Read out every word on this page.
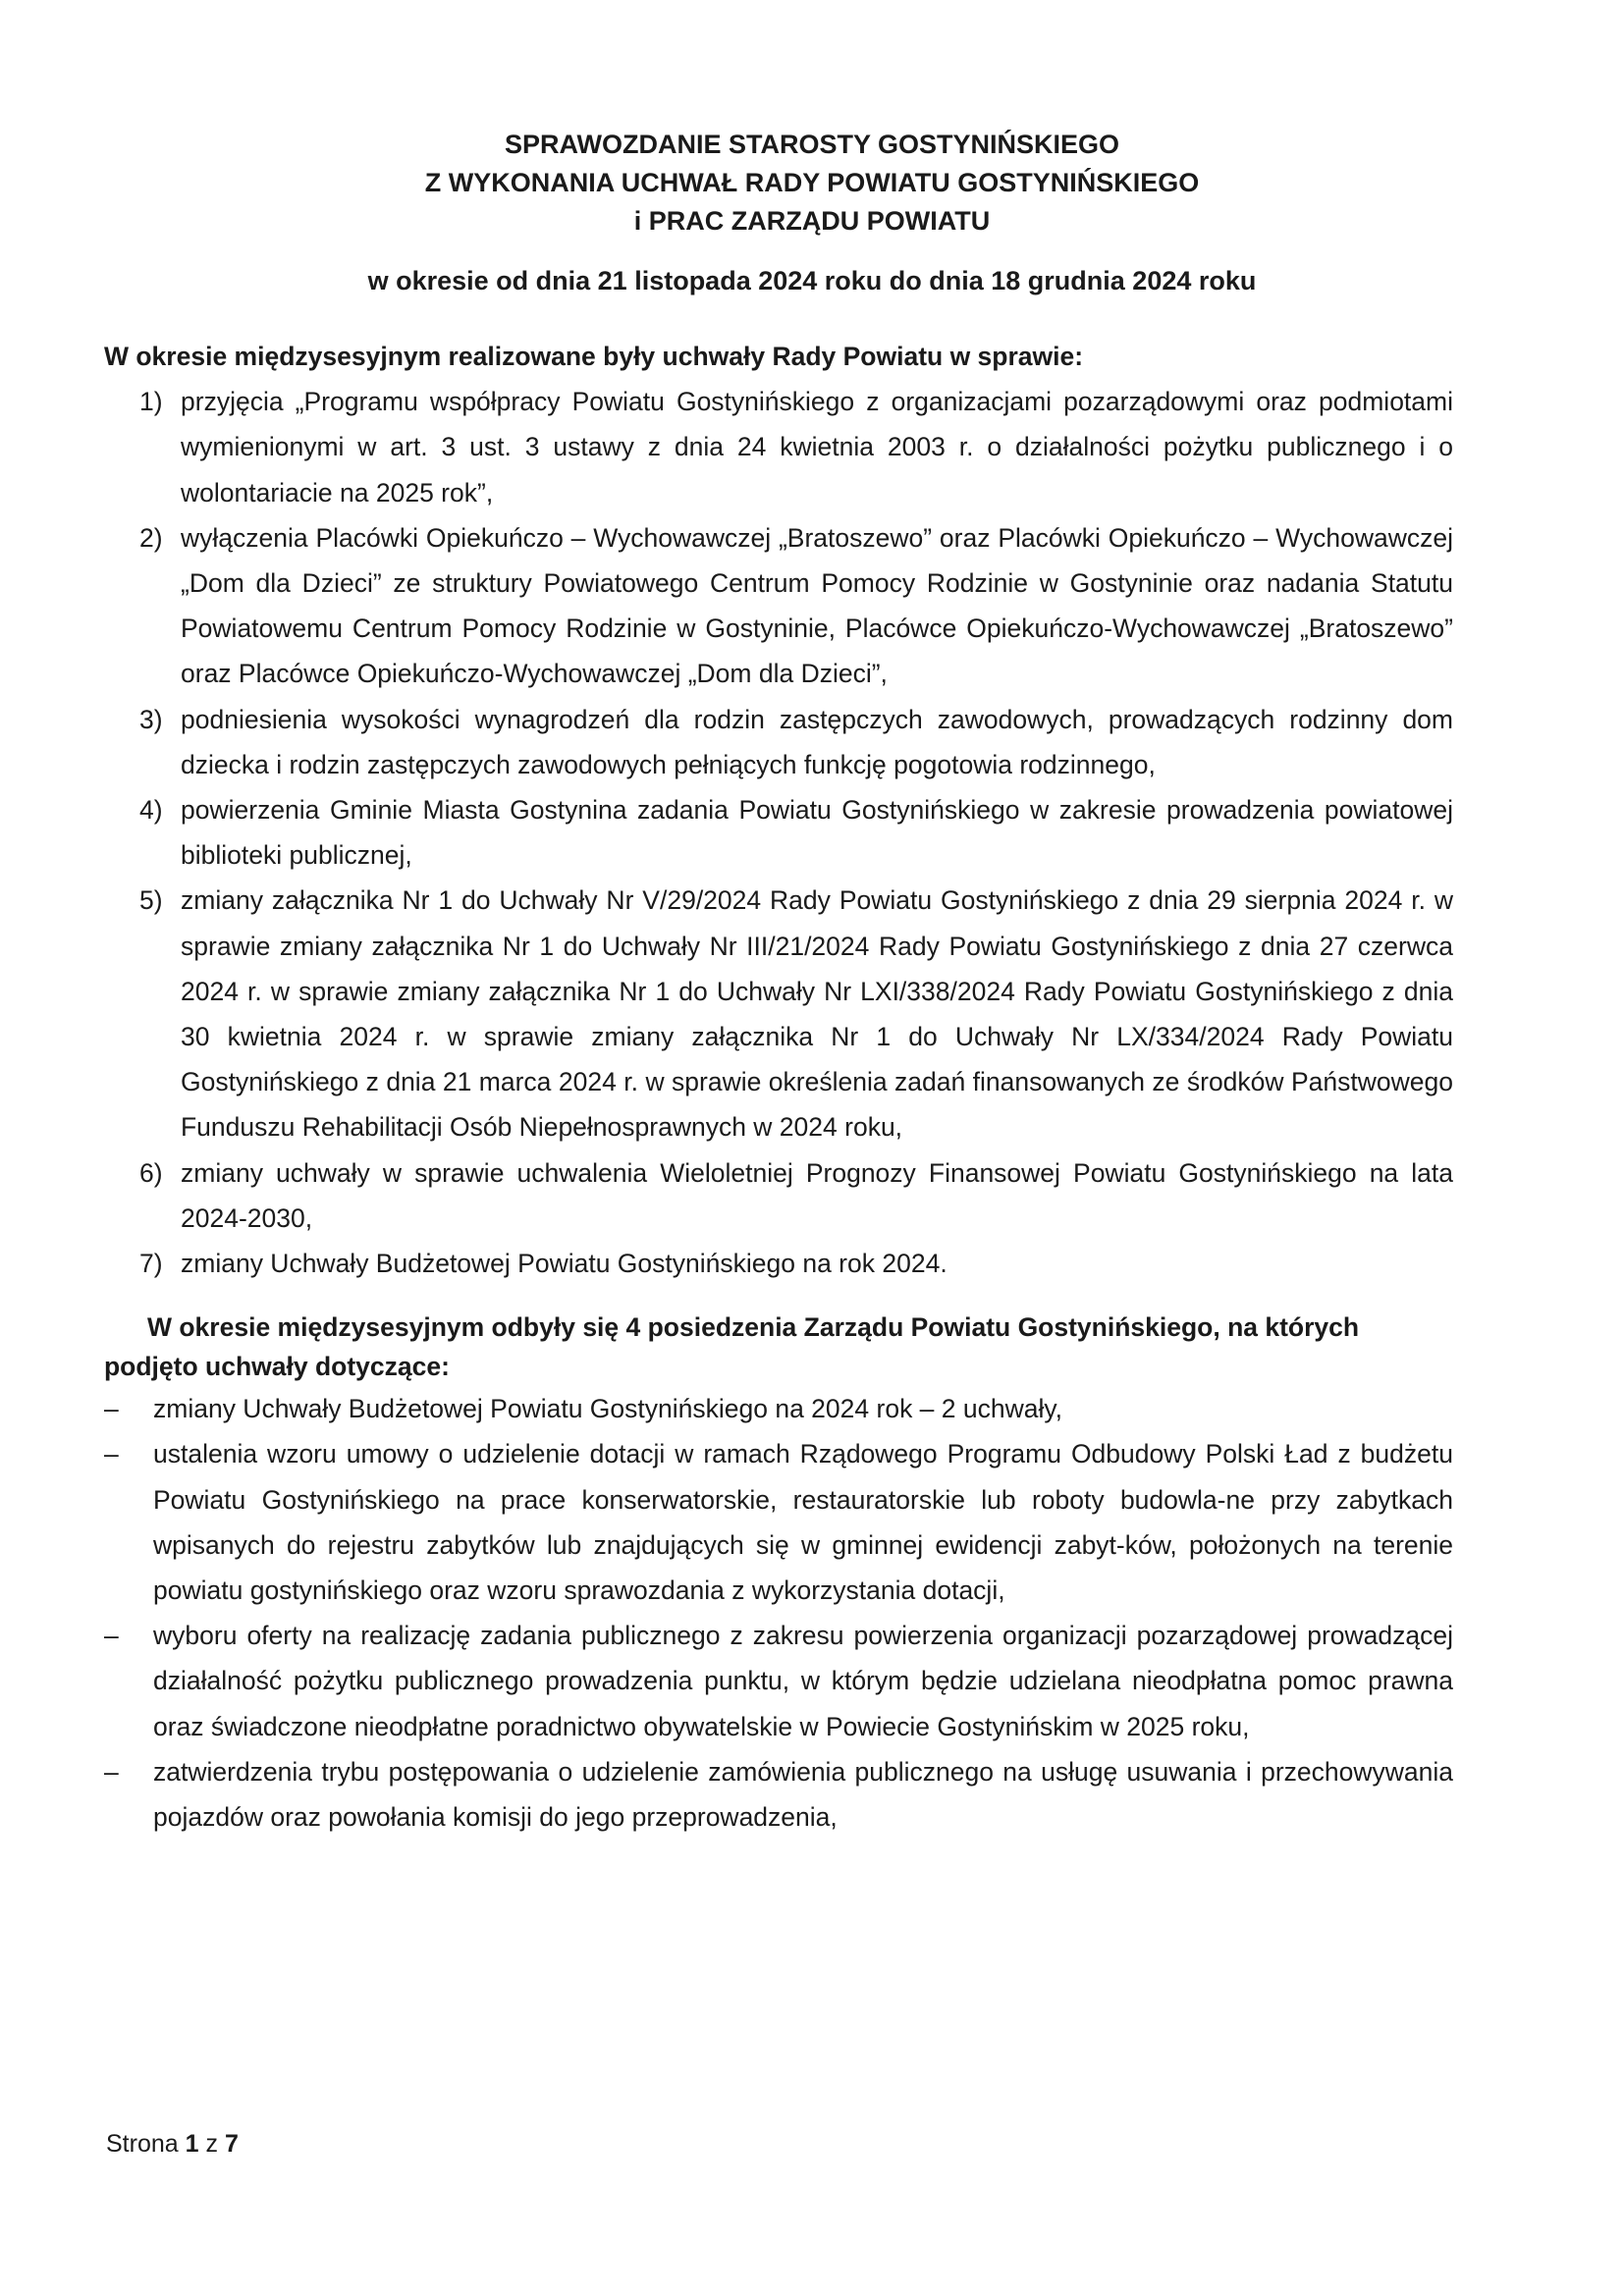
SPRAWOZDANIE STAROSTY GOSTYNIŃSKIEGO
Z WYKONANIA UCHWAŁ RADY POWIATU GOSTYNIŃSKIEGO
i PRAC ZARZĄDU POWIATU
w okresie od dnia 21 listopada 2024 roku do dnia 18 grudnia 2024 roku

W okresie międzysesyjnym realizowane były uchwały Rady Powiatu w sprawie:

1) przyjęcia „Programu współpracy Powiatu Gostynińskiego z organizacjami pozarządowymi oraz podmiotami wymienionymi w art. 3 ust. 3 ustawy z dnia 24 kwietnia 2003 r. o działalności pożytku publicznego i o wolontariacie na 2025 rok”,
2) wyłączenia Placówki Opiekuńczo – Wychowawczej „Bratoszewo” oraz Placówki Opiekuńczo – Wychowawczej „Dom dla Dzieci” ze struktury Powiatowego Centrum Pomocy Rodzinie w Gostyninie oraz nadania Statutu Powiatowemu Centrum Pomocy Rodzinie w Gostyninie, Placówce Opiekuńczo-Wychowawczej „Bratoszewo” oraz Placówce Opiekuńczo-Wychowawczej „Dom dla Dzieci”,
3) podniesienia wysokości wynagrodzeń dla rodzin zastępczych zawodowych, prowadzących rodzinny dom dziecka i rodzin zastępczych zawodowych pełniących funkcję pogotowia rodzinnego,
4) powierzenia Gminie Miasta Gostynina zadania Powiatu Gostynińskiego w zakresie prowadzenia powiatowej biblioteki publicznej,
5) zmiany załącznika Nr 1 do Uchwały Nr V/29/2024 Rady Powiatu Gostynińskiego z dnia 29 sierpnia 2024 r. w sprawie zmiany załącznika Nr 1 do Uchwały Nr III/21/2024 Rady Powiatu Gostynińskiego z dnia 27 czerwca 2024 r. w sprawie zmiany załącznika Nr 1 do Uchwały Nr LXI/338/2024 Rady Powiatu Gostynińskiego z dnia 30 kwietnia 2024 r. w sprawie zmiany załącznika Nr 1 do Uchwały Nr LX/334/2024 Rady Powiatu Gostynińskiego z dnia 21 marca 2024 r. w sprawie określenia zadań finansowanych ze środków Państwowego Funduszu Rehabilitacji Osób Niepełnosprawnych w 2024 roku,
6) zmiany uchwały w sprawie uchwalenia Wieloletniej Prognozy Finansowej Powiatu Gostynińskiego na lata 2024-2030,
7) zmiany Uchwały Budżetowej Powiatu Gostynińskiego na rok 2024.

W okresie międzysesyjnym odbyły się 4 posiedzenia Zarządu Powiatu Gostynińskiego, na których podjęto uchwały dotyczące:

– zmiany Uchwały Budżetowej Powiatu Gostynińskiego na 2024 rok – 2 uchwały,
– ustalenia wzoru umowy o udzielenie dotacji w ramach Rządowego Programu Odbudowy Polski Ład z budżetu Powiatu Gostynińskiego na prace konserwatorskie, restauratorskie lub roboty budowla-ne przy zabytkach wpisanych do rejestru zabytków lub znajdujących się w gminnej ewidencji zabyt-ków, położonych na terenie powiatu gostynińskiego oraz wzoru sprawozdania z wykorzystania dotacji,
– wyboru oferty na realizację zadania publicznego z zakresu powierzenia organizacji pozarządowej prowadzącej działalność pożytku publicznego prowadzenia punktu, w którym będzie udzielana nieodpłatna pomoc prawna oraz świadczone nieodpłatne poradnictwo obywatelskie w Powiecie Gostynińskim w 2025 roku,
– zatwierdzenia trybu postępowania o udzielenie zamówienia publicznego na usługę usuwania i przechowywania pojazdów oraz powołania komisji do jego przeprowadzenia,
Strona 1 z 7
